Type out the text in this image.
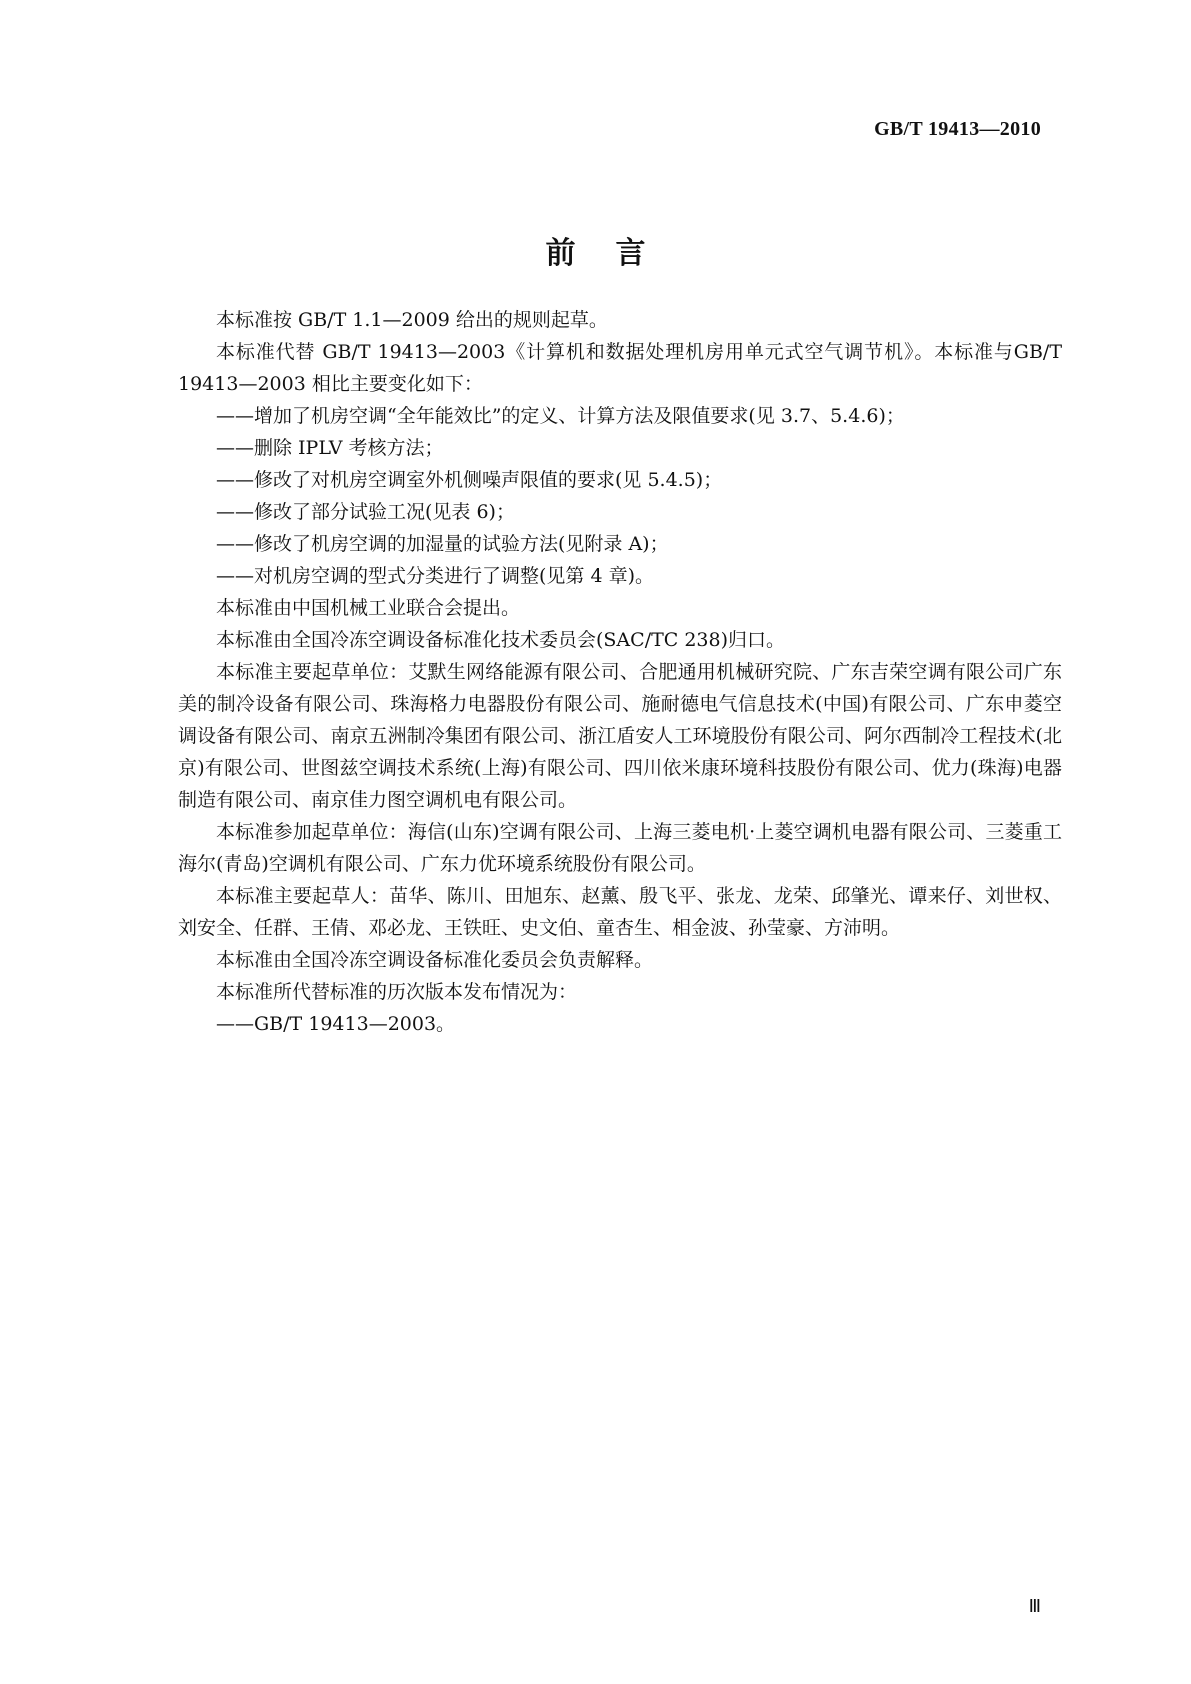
GB/T 19413—2010
前言

本标准按 GB/T 1.1—2009 给出的规则起草。

本标准代替 GB/T 19413—2003《计算机和数据处理机房用单元式空气调节机》。本标准与GB/T 19413—2003 相比主要变化如下：

——增加了机房空调“全年能效比”的定义、计算方法及限值要求(见 3.7、5.4.6)；

——删除 IPLV 考核方法；

——修改了对机房空调室外机侧噪声限值的要求(见 5.4.5)；

——修改了部分试验工况(见表 6)；

——修改了机房空调的加湿量的试验方法(见附录 A)；

——对机房空调的型式分类进行了调整(见第 4 章)。

本标准由中国机械工业联合会提出。

本标准由全国冷冻空调设备标准化技术委员会(SAC/TC 238)归口。

本标准主要起草单位：艾默生网络能源有限公司、合肥通用机械研究院、广东吉荣空调有限公司广东美的制冷设备有限公司、珠海格力电器股份有限公司、施耐德电气信息技术(中国)有限公司、广东申菱空调设备有限公司、南京五洲制冷集团有限公司、浙江盾安人工环境股份有限公司、阿尔西制冷工程技术(北京)有限公司、世图兹空调技术系统(上海)有限公司、四川依米康环境科技股份有限公司、优力(珠海)电器制造有限公司、南京佳力图空调机电有限公司。

本标准参加起草单位：海信(山东)空调有限公司、上海三菱电机·上菱空调机电器有限公司、三菱重工海尔(青岛)空调机有限公司、广东力优环境系统股份有限公司。

本标准主要起草人：苗华、陈川、田旭东、赵薰、殷飞平、张龙、龙荣、邱肇光、谭来仔、刘世权、刘安全、任群、王倩、邓必龙、王铁旺、史文伯、童杏生、相金波、孙莹豪、方沛明。

本标准由全国冷冻空调设备标准化委员会负责解释。

本标准所代替标准的历次版本发布情况为：

——GB/T 19413—2003。

Ⅲ
